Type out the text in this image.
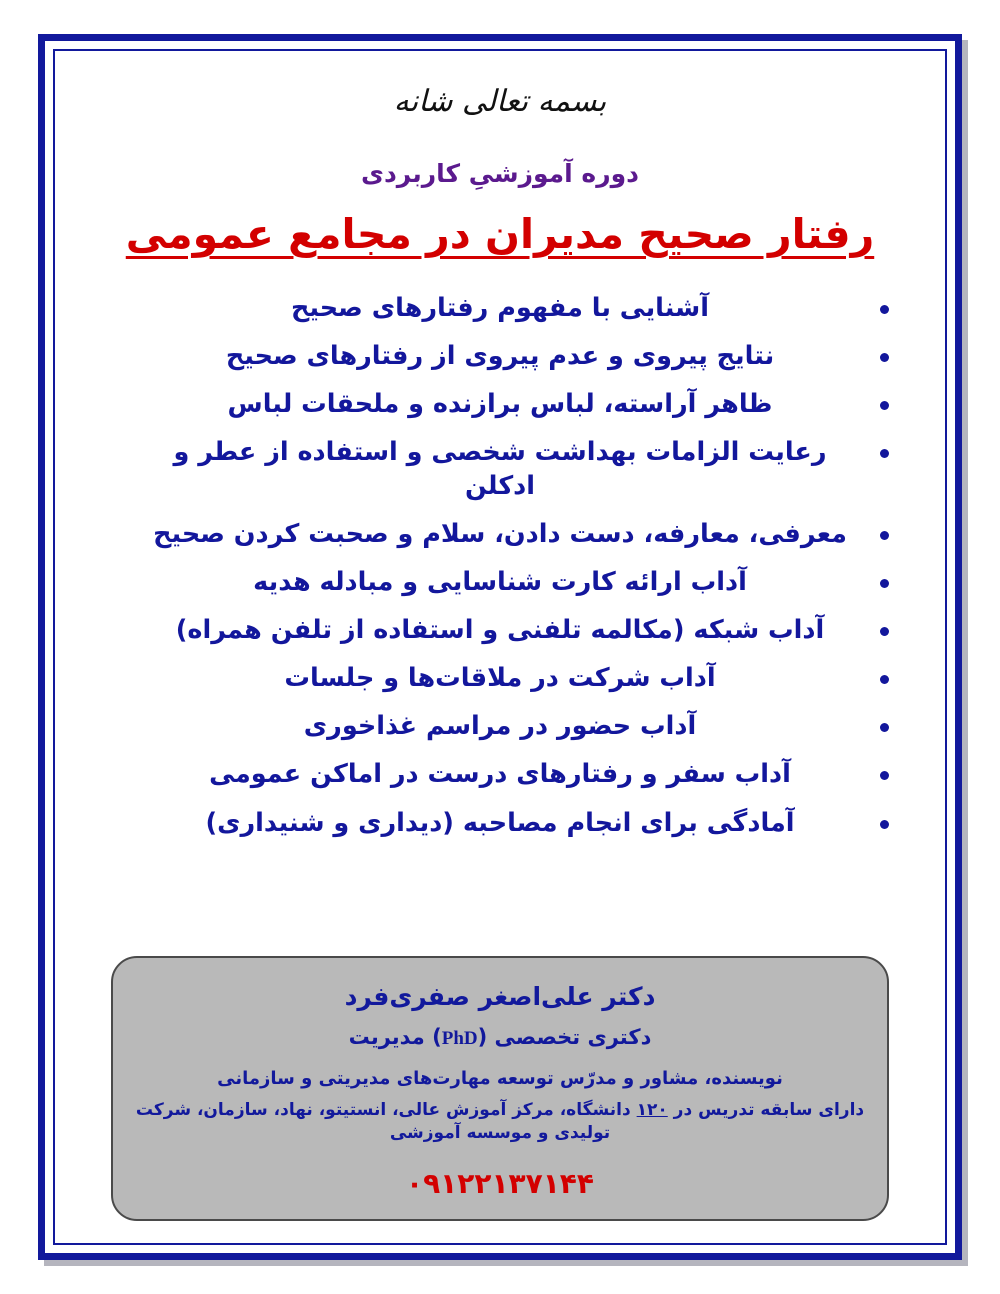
بسمه تعالی شانه
دوره آموزشیِ کاربردی
رفتار صحیح مدیران در مجامع عمومی
آشنایی با مفهوم رفتارهای صحیح
نتایج پیروی و عدم پیروی از رفتارهای صحیح
ظاهر آراسته، لباس برازنده و ملحقات لباس
رعایت الزامات بهداشت شخصی و استفاده از عطر و ادکلن
معرفی، معارفه، دست دادن، سلام و صحبت کردن صحیح
آداب ارائه کارت شناسایی و مبادله هدیه
آداب شبکه (مکالمه تلفنی و استفاده از تلفن همراه)
آداب شرکت در ملاقات‌ها و جلسات
آداب حضور در مراسم غذاخوری
آداب سفر و رفتارهای درست در اماکن عمومی
آمادگی برای انجام مصاحبه (دیداری و شنیداری)
دکتر علی‌اصغر صفری‌فرد
دکتری تخصصی (PhD) مدیریت
نویسنده، مشاور و مدرّس توسعه مهارت‌های مدیریتی و سازمانی
دارای سابقه تدریس در ۱۲۰ دانشگاه، مرکز آموزش عالی، انستیتو، نهاد، سازمان، شرکت تولیدی و موسسه آموزشی
۰۹۱۲۲۱۳۷۱۴۴
